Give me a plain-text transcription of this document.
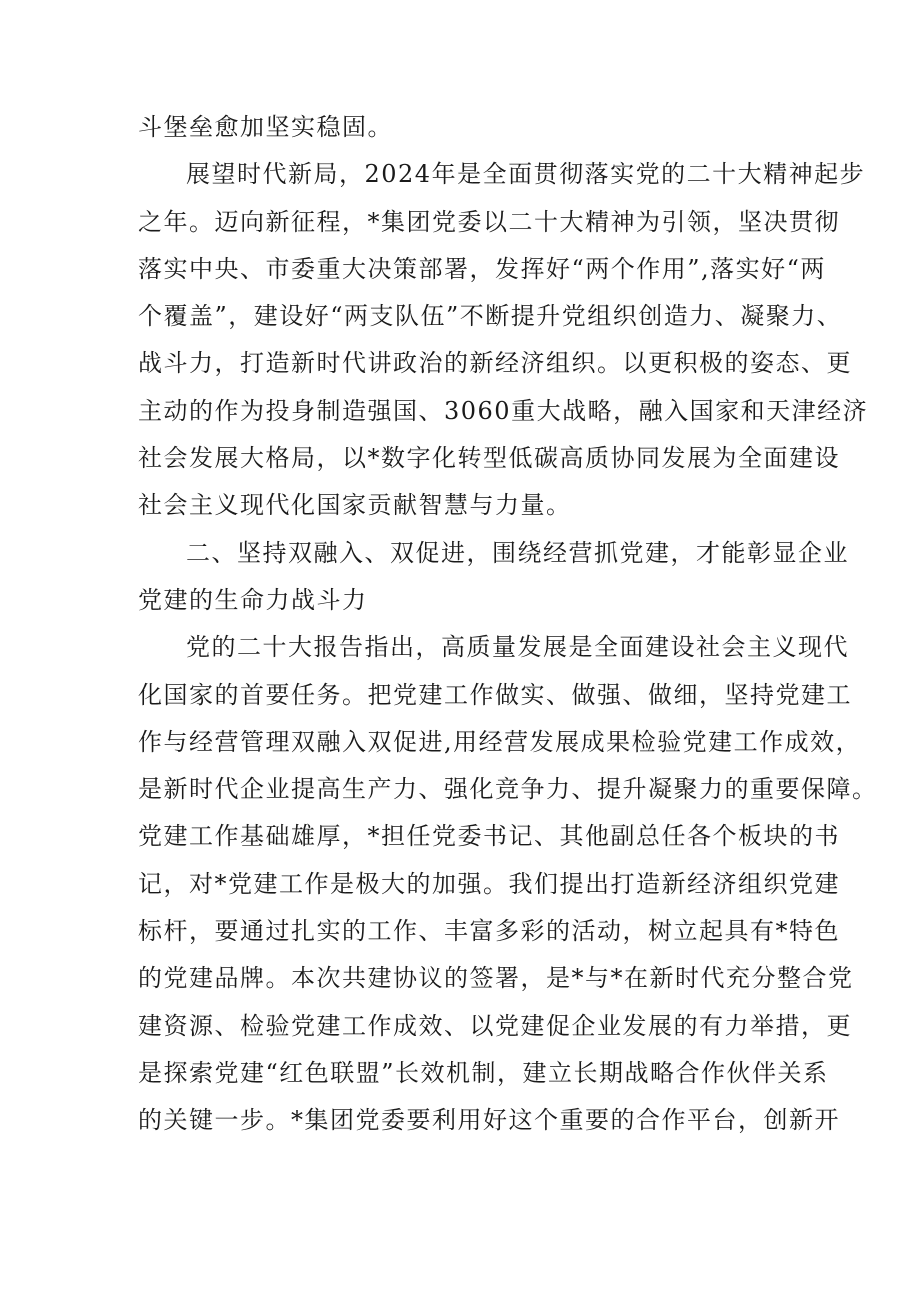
斗堡垒愈加坚实稳固。
展望时代新局，2024年是全面贯彻落实党的二十大精神起步
之年。迈向新征程，*集团党委以二十大精神为引领，坚决贯彻
落实中央、市委重大决策部署，发挥好“两个作用”,落实好“两
个覆盖”，建设好“两支队伍”不断提升党组织创造力、凝聚力、
战斗力，打造新时代讲政治的新经济组织。以更积极的姿态、更
主动的作为投身制造强国、3060重大战略，融入国家和天津经济
社会发展大格局，以*数字化转型低碳高质协同发展为全面建设
社会主义现代化国家贡献智慧与力量。
二、坚持双融入、双促进，围绕经营抓党建，才能彰显企业
党建的生命力战斗力
党的二十大报告指出，高质量发展是全面建设社会主义现代
化国家的首要任务。把党建工作做实、做强、做细，坚持党建工
作与经营管理双融入双促进,用经营发展成果检验党建工作成效，
是新时代企业提高生产力、强化竞争力、提升凝聚力的重要保障。
党建工作基础雄厚，*担任党委书记、其他副总任各个板块的书
记，对*党建工作是极大的加强。我们提出打造新经济组织党建
标杆，要通过扎实的工作、丰富多彩的活动，树立起具有*特色
的党建品牌。本次共建协议的签署，是*与*在新时代充分整合党
建资源、检验党建工作成效、以党建促企业发展的有力举措，更
是探索党建“红色联盟”长效机制，建立长期战略合作伙伴关系
的关键一步。*集团党委要利用好这个重要的合作平台，创新开
